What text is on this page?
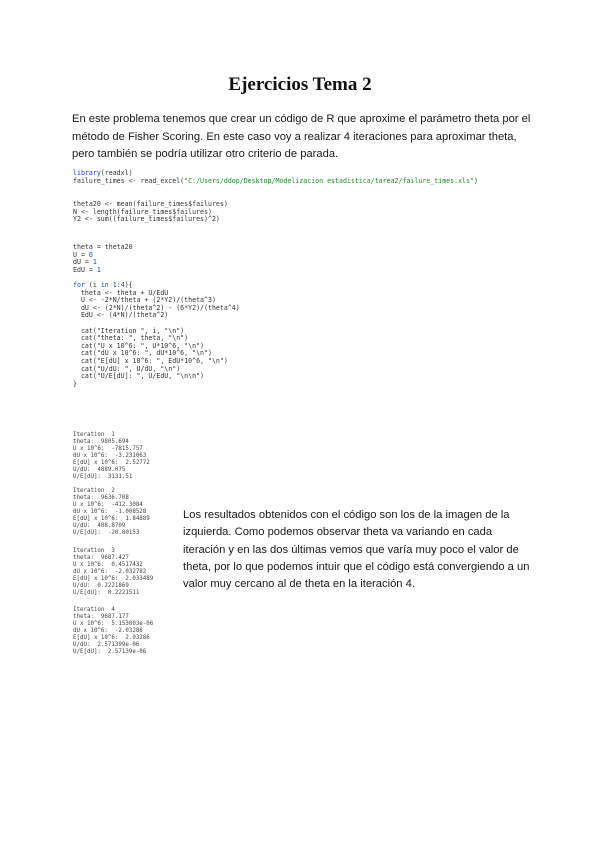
Ejercicios Tema 2
En este problema tenemos que crear un código de R que aproxime el parámetro theta por el método de Fisher Scoring. En este caso voy a realizar 4 iteraciones para aproximar theta, pero también se podría utilizar otro criterio de parada.
library(readxl)
failure_times <- read_excel("C:/Users/ddop/Desktop/Modelizacion estadistica/tarea2/failure_times.xls")
theta20 <- mean(failure_times$failures)
N <- length(failure_times$failures)
Y2 <- sum((failure_times$failures)^2)
theta = theta20
U = 0
dU = 1
EdU = 1
for (i in 1:4){
theta <- theta + U/EdU
U <- -2*N/theta + (2*Y2)/(theta^3)
dU <- (2*N)/(theta^2) - (6*Y2)/(theta^4)
EdU <- (4*N)/(theta^2)
cat("Iteration ", i, "\n")
cat("theta: ", theta, "\n")
cat("U x 10^6: ", U*10^6, "\n")
cat("dU x 10^6: ", dU*10^6, "\n")
cat("E[dU] x 10^6: ", EdU*10^6, "\n")
cat("U/dU: ", U/dU, "\n")
cat("U/E[dU]: ", U/EdU, "\n\n")
}
Iteration  1
theta:  9805.694
U x 10^6:  -7815.757
dU x 10^6:  -3.231063
E[dU] x 10^6:  2.52772
U/dU:  4889.075
U/E[dU]:  3131.51
Iteration  2
theta:  9636.708
U x 10^6:  -412.3084
dU x 10^6:  -1.008528
E[dU] x 10^6:  1.84889
U/dU:  408.8709
U/E[dU]:  -20.80153
Iteration  3
theta:  9687.427
U x 10^6:  0.4517432
dU x 10^6:  -2.032782
E[dU] x 10^6:  2.033489
U/dU:  0.2221869
U/E[dU]:  0.2221511
Iteration  4
theta:  9687.177
U x 10^6:  5.153003e-06
dU x 10^6:  -2.03286
E[dU] x 10^6:  2.03286
U/dU:  2.571399e-06
U/E[dU]:  2.57139e-06
Los resultados obtenidos con el código son los de la imagen de la izquierda. Como podemos observar theta va variando en cada iteración y en las dos últimas vemos que varía muy poco el valor de theta, por lo que podemos intuir que el código está convergiendo a un valor muy cercano al de theta en la iteración 4.
